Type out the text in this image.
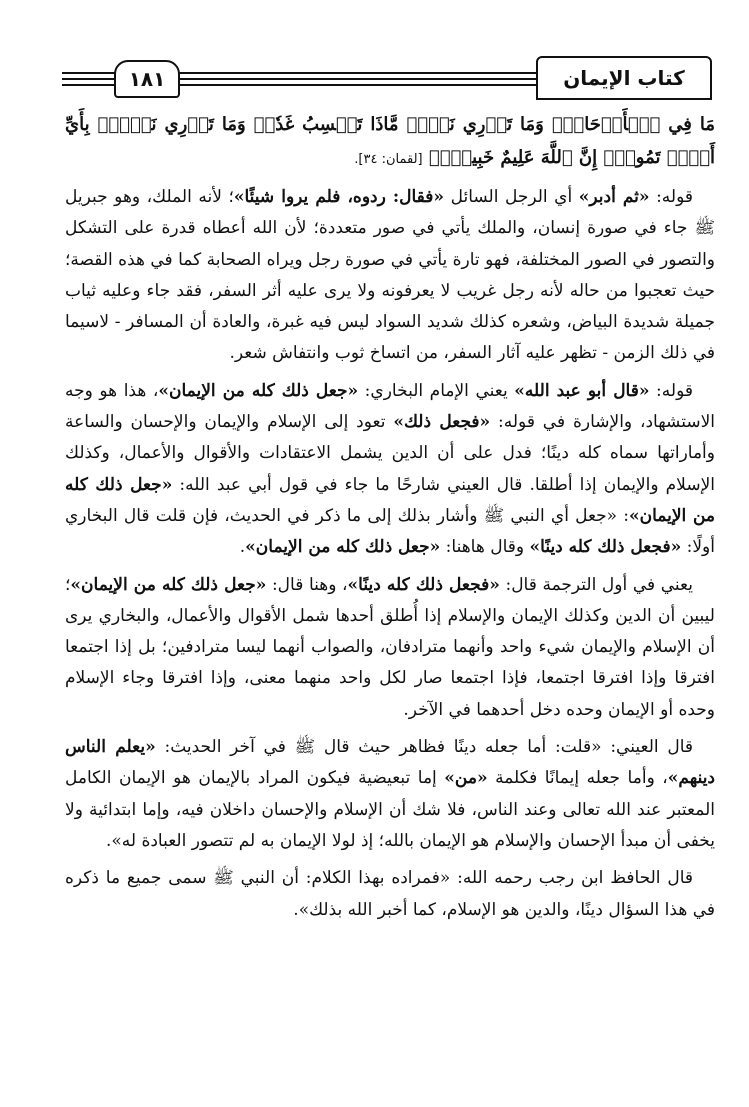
١٨١	كتاب الإيمان

مَا فِي ٱلۡأَرۡحَامِۖ وَمَا تَدۡرِي نَفۡسٞ مَّاذَا تَكۡسِبُ غَدٗاۖ وَمَا تَدۡرِي نَفۡسُۢ بِأَيِّ أَرۡضٖ تَمُوتُۚ إِنَّ ٱللَّهَ عَلِيمٌ خَبِيرُۢ﴾ [لقمان: ٣٤].

قوله: «ثم أدبر» أي الرجل السائل «فقال: ردوه، فلم يروا شيئًا»؛ لأنه الملك، وهو جبريل ﷺ جاء في صورة إنسان، والملك يأتي في صور متعددة؛ لأن الله أعطاه قدرة على التشكل والتصور في الصور المختلفة، فهو تارة يأتي في صورة رجل ويراه الصحابة كما في هذه القصة؛ حيث تعجبوا من حاله لأنه رجل غريب لا يعرفونه ولا يرى عليه أثر السفر، فقد جاء وعليه ثياب جميلة شديدة البياض، وشعره كذلك شديد السواد ليس فيه غبرة، والعادة أن المسافر - لاسيما في ذلك الزمن - تظهر عليه آثار السفر، من اتساخ ثوب وانتفاش شعر.

قوله: «قال أبو عبد الله» يعني الإمام البخاري: «جعل ذلك كله من الإيمان»، هذا هو وجه الاستشهاد، والإشارة في قوله: «فجعل ذلك» تعود إلى الإسلام والإيمان والإحسان والساعة وأماراتها سماه كله دينًا؛ فدل على أن الدين يشمل الاعتقادات والأقوال والأعمال، وكذلك الإسلام والإيمان إذا أطلقا. قال العيني شارحًا ما جاء في قول أبي عبد الله: «جعل ذلك كله من الإيمان»: «جعل أي النبي ﷺ وأشار بذلك إلى ما ذكر في الحديث، فإن قلت قال البخاري أولًا: «فجعل ذلك كله دينًا» وقال هاهنا: «جعل ذلك كله من الإيمان».

يعني في أول الترجمة قال: «فجعل ذلك كله دينًا»، وهنا قال: «جعل ذلك كله من الإيمان»؛ ليبين أن الدين وكذلك الإيمان والإسلام إذا أُطلق أحدها شمل الأقوال والأعمال، والبخاري يرى أن الإسلام والإيمان شيء واحد وأنهما مترادفان، والصواب أنهما ليسا مترادفين؛ بل إذا اجتمعا افترقا وإذا افترقا اجتمعا، فإذا اجتمعا صار لكل واحد منهما معنى، وإذا افترقا وجاء الإسلام وحده أو الإيمان وحده دخل أحدهما في الآخر.

قال العيني: «قلت: أما جعله دينًا فظاهر حيث قال ﷺ في آخر الحديث: «يعلم الناس دينهم»، وأما جعله إيمانًا فكلمة «من» إما تبعيضية فيكون المراد بالإيمان هو الإيمان الكامل المعتبر عند الله تعالى وعند الناس، فلا شك أن الإسلام والإحسان داخلان فيه، وإما ابتدائية ولا يخفى أن مبدأ الإحسان والإسلام هو الإيمان بالله؛ إذ لولا الإيمان به لم تتصور العبادة له».

قال الحافظ ابن رجب رحمه الله: «فمراده بهذا الكلام: أن النبي ﷺ سمى جميع ما ذكره في هذا السؤال دينًا، والدين هو الإسلام، كما أخبر الله بذلك».
